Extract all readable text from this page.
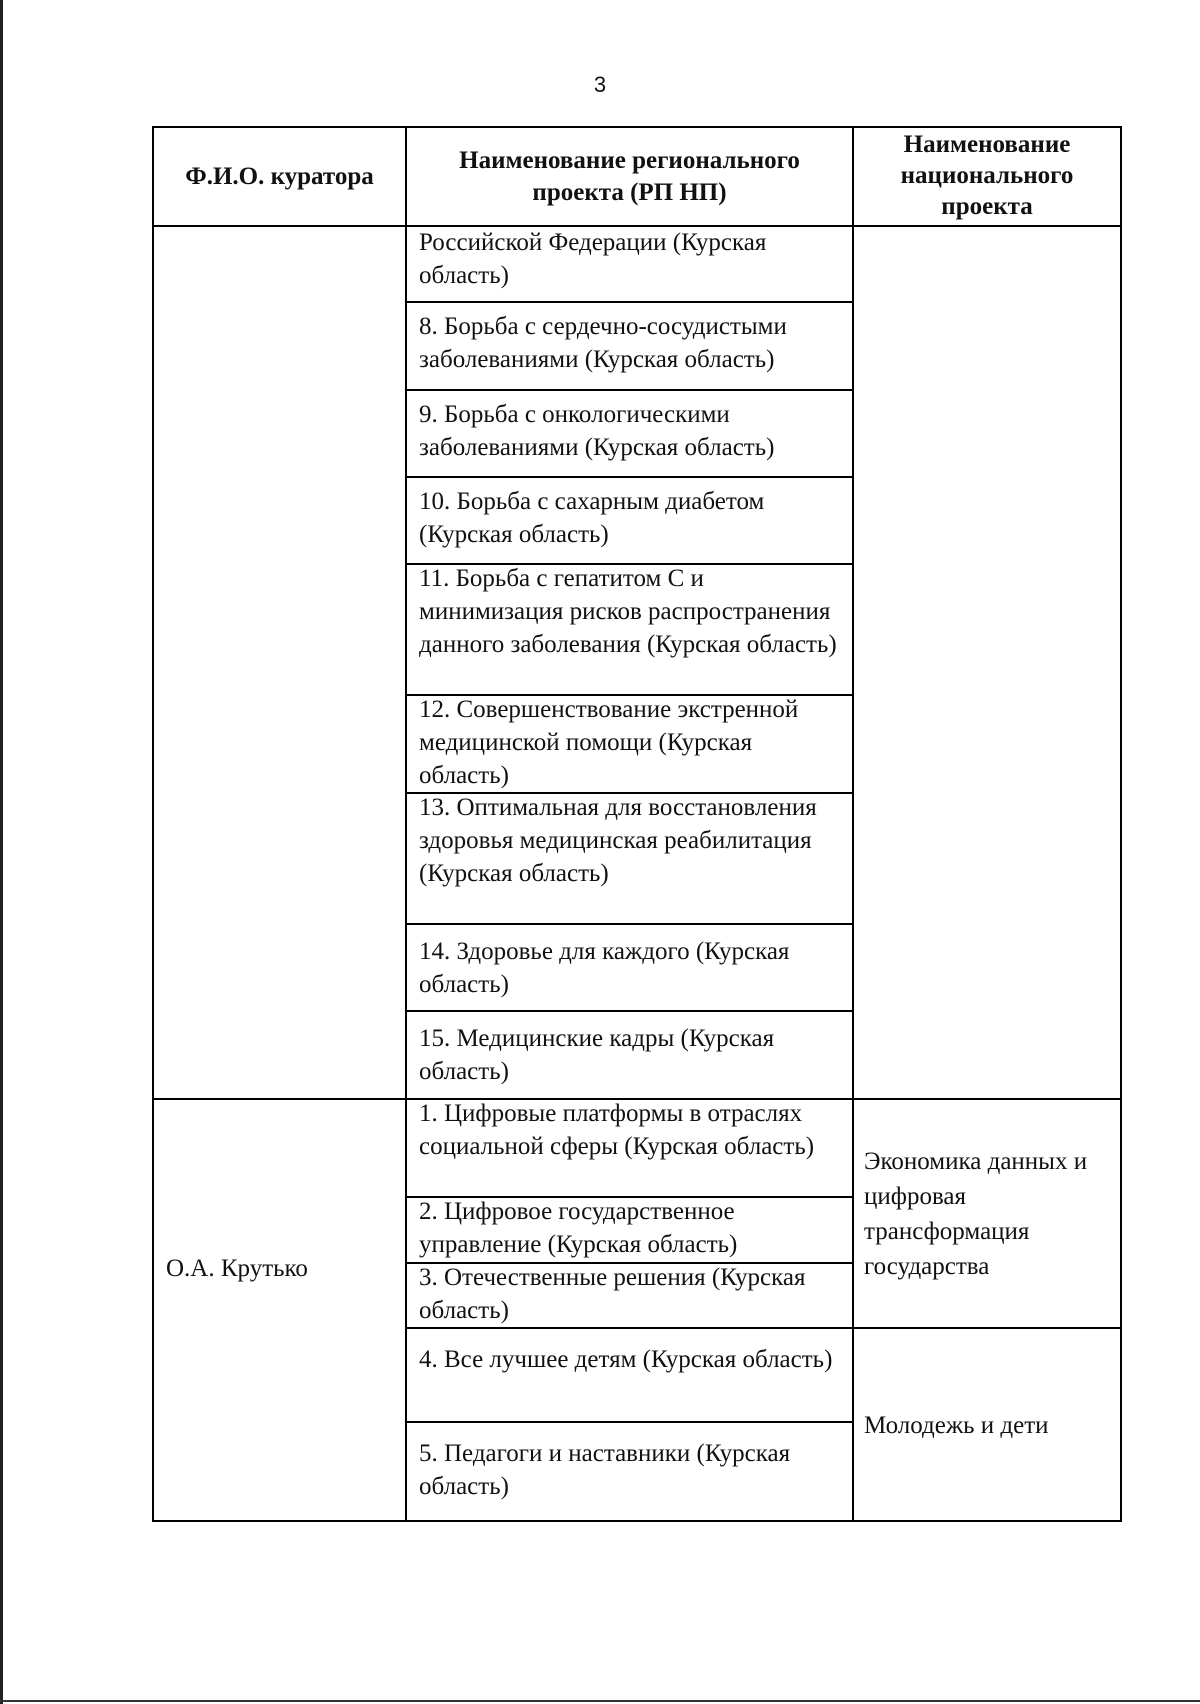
3
Ф.И.О. куратора
Наименование регионального проекта (РП НП)
Наименование национального проекта
Российской Федерации (Курская область)
8. Борьба с сердечно-сосудистыми заболеваниями (Курская область)
9. Борьба с онкологическими заболеваниями (Курская область)
10. Борьба с сахарным диабетом (Курская область)
11. Борьба с гепатитом С и минимизация рисков распространения данного заболевания (Курская область)
12. Совершенствование экстренной медицинской помощи (Курская область)
13. Оптимальная для восстановления здоровья медицинская реабилитация (Курская область)
14. Здоровье для каждого (Курская область)
15. Медицинские кадры (Курская область)
О.А. Крутько
1. Цифровые платформы в отраслях социальной сферы (Курская область)
2. Цифровое государственное управление (Курская область)
3. Отечественные решения (Курская область)
4. Все лучшее детям (Курская область)
5. Педагоги и наставники (Курская область)
Экономика данных и цифровая трансформация государства
Молодежь и дети
